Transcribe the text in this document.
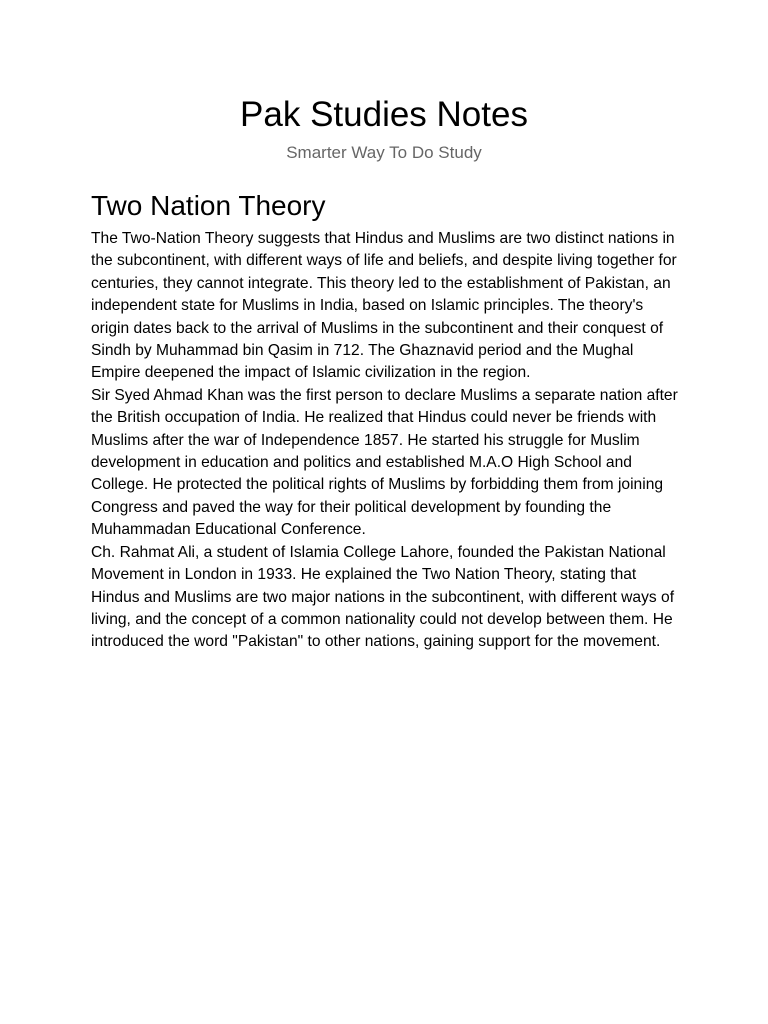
Pak Studies Notes
Smarter Way To Do Study
Two Nation Theory

The Two-Nation Theory suggests that Hindus and Muslims are two distinct nations in the subcontinent, with different ways of life and beliefs, and despite living together for centuries, they cannot integrate. This theory led to the establishment of Pakistan, an independent state for Muslims in India, based on Islamic principles. The theory's origin dates back to the arrival of Muslims in the subcontinent and their conquest of Sindh by Muhammad bin Qasim in 712. The Ghaznavid period and the Mughal Empire deepened the impact of Islamic civilization in the region.

Sir Syed Ahmad Khan was the first person to declare Muslims a separate nation after the British occupation of India. He realized that Hindus could never be friends with Muslims after the war of Independence 1857. He started his struggle for Muslim development in education and politics and established M.A.O High School and College. He protected the political rights of Muslims by forbidding them from joining Congress and paved the way for their political development by founding the Muhammadan Educational Conference.

Ch. Rahmat Ali, a student of Islamia College Lahore, founded the Pakistan National Movement in London in 1933. He explained the Two Nation Theory, stating that Hindus and Muslims are two major nations in the subcontinent, with different ways of living, and the concept of a common nationality could not develop between them. He introduced the word "Pakistan" to other nations, gaining support for the movement.
